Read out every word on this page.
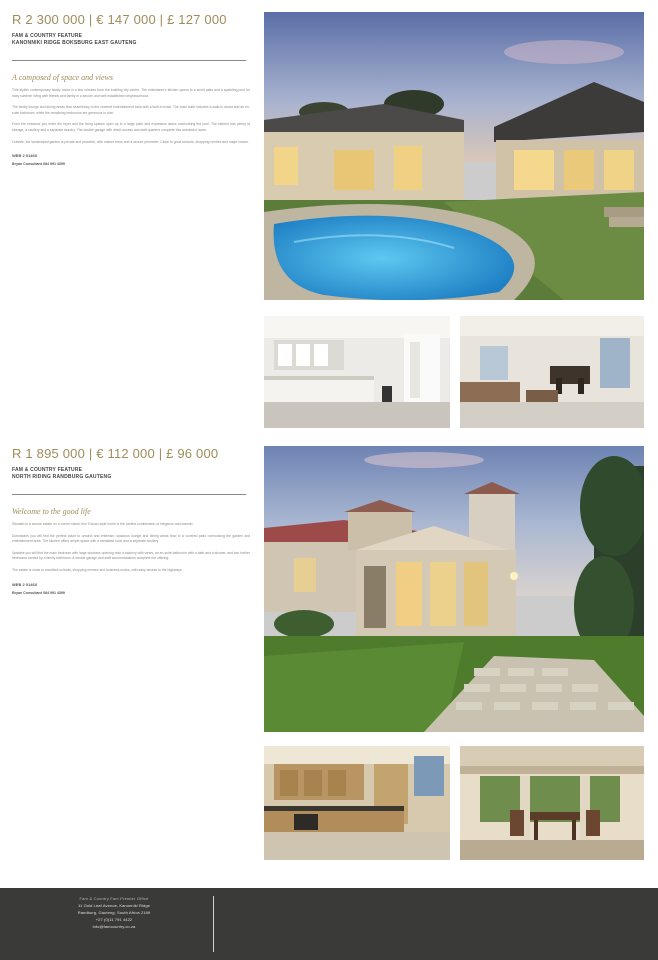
R 2 300 000 | € 147 000 | £ 127 000
FAM & COUNTRY FEATURE
KANONNIKI RIDGE BOKSBURG EAST GAUTENG
A composed of space and views

This stylish contemporary family home is a few minutes from the bustling city centre. The entertainer's kitchen opens to a sunlit patio and a sparkling pool for easy summer living with friends and family in a secure and well established neighbourhood.

The family lounge and dining areas flow seamlessly to the covered entertainment area with a built-in braai. The main suite includes a walk-in closet and an en-suite bathroom, while the remaining bedrooms are generous in size.

From the entrance you enter the foyer and the living spaces open up to a large patio and expansive lawns overlooking the pool. The kitchen has plenty of storage, a scullery and a separate laundry. The double garage with direct access and staff quarters complete this wonderful home.

Outside, the landscaped garden is private and peaceful, with mature trees and a secure perimeter. Close to good schools, shopping centres and major routes.

WEB 2 0146X
Bryan Consultant 084 991 4399
R 1 895 000 | € 112 000 | £ 96 000
FAM & COUNTRY FEATURE
NORTH RIDING RANDBURG GAUTENG
Welcome to the good life

Situated in a secure estate on a corner stand, this Tuscan style home is the perfect combination of elegance and warmth.

Downstairs you will find the perfect place to unwind and entertain: spacious lounge and dining areas lead to a covered patio overlooking the garden and entertainment area. The kitchen offers ample space with a breakfast nook and a separate scullery.

Upstairs you will find the main bedroom with large windows opening onto a balcony with views, an en-suite bathroom with a bath and a shower, and two further bedrooms served by a family bathroom. A double garage and staff accommodation complete the offering.

The estate is close to excellent schools, shopping centres and business nodes, with easy access to the highways.

WEB 2 0146X
Bryan Consultant 084 991 4399
Fam & Country Fam Premier Office
11 Gold Leaf Avenue, Kanonniki Ridge
Randburg, Gauteng, South Africa 2169
+27 (0)11 791 4422
info@famcountry.co.za
